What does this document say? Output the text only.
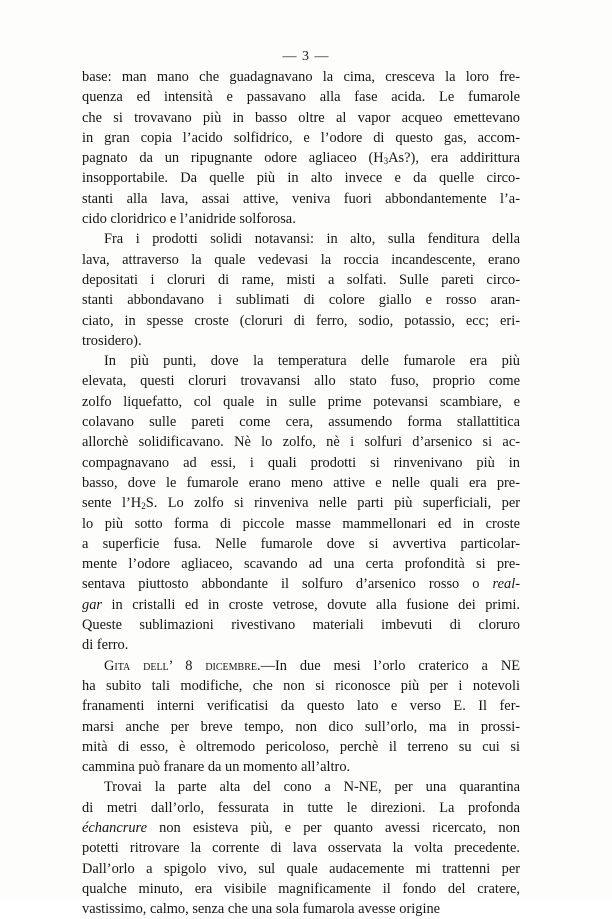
— 3 —
base: man mano che guadagnavano la cima, cresceva la loro fre-
quenza ed intensità e passavano alla fase acida. Le fumarole
che si trovavano più in basso oltre al vapor acqueo emettevano
in gran copia l’acido solfidrico, e l’odore di questo gas, accom-
pagnato da un ripugnante odore agliaceo $(H_3As?)$, era addirittura
insopportabile. Da quelle più in alto invece e da quelle circo-
stanti alla lava, assai attive, veniva fuori abbondantemente l’a-
cido cloridrico e l’anidride solforosa.
Fra i prodotti solidi notavansi: in alto, sulla fenditura della
lava, attraverso la quale vedevasi la roccia incandescente, erano
depositati i cloruri di rame, misti a solfati. Sulle pareti circo-
stanti abbondavano i sublimati di colore giallo e rosso aran-
ciato, in spesse croste (cloruri di ferro, sodio, potassio, ecc; eri-
trosidero).
In più punti, dove la temperatura delle fumarole era più
elevata, questi cloruri trovavansi allo stato fuso, proprio come
zolfo liquefatto, col quale in sulle prime potevansi scambiare, e
colavano sulle pareti come cera, assumendo forma stallattitica
allorchè solidificavano. Nè lo zolfo, nè i solfuri d’arsenico si ac-
compagnavano ad essi, i quali prodotti si rinvenivano più in
basso, dove le fumarole erano meno attive e nelle quali era pre-
sente $l’H_2S$. Lo zolfo si rinveniva nelle parti più superficiali, per
lo più sotto forma di piccole masse mammellonari ed in croste
a superficie fusa. Nelle fumarole dove si avvertiva particolar-
mente l’odore agliaceo, scavando ad una certa profondità si pre-
sentava piuttosto abbondante il solfuro d’arsenico rosso o real-
gar in cristalli ed in croste vetrose, dovute alla fusione dei primi.
Queste sublimazioni rivestivano materiali imbevuti di cloruro
di ferro.
Gita dell’ 8 dicembre.—In due mesi l’orlo craterico a NE
ha subito tali modifiche, che non si riconosce più per i notevoli
franamenti interni verificatisi da questo lato e verso E. Il fer-
marsi anche per breve tempo, non dico sull’orlo, ma in prossi-
mità di esso, è oltremodo pericoloso, perchè il terreno su cui si
cammina può franare da un momento all’altro.
Trovai la parte alta del cono a N-NE, per una quarantina
di metri dall’orlo, fessurata in tutte le direzioni. La profonda
échancrure non esisteva più, e per quanto avessi ricercato, non
potetti ritrovare la corrente di lava osservata la volta precedente.
Dall’orlo a spigolo vivo, sul quale audacemente mi trattenni per
qualche minuto, era visibile magnificamente il fondo del cratere,
vastissimo, calmo, senza che una sola fumarola avesse origine
